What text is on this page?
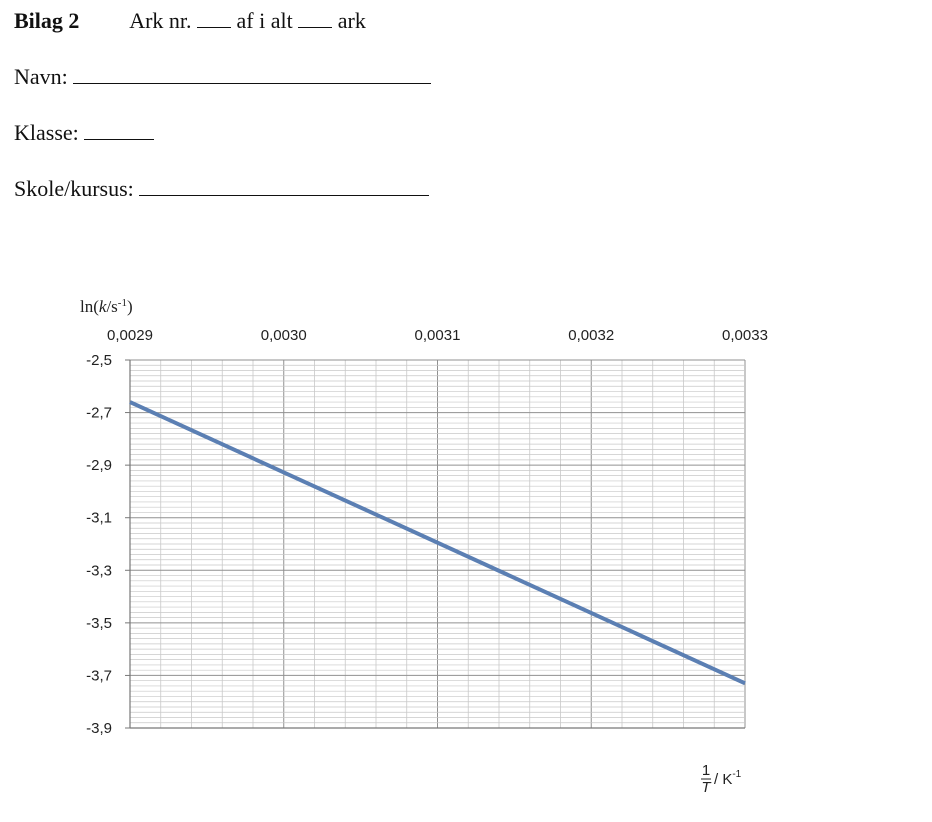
Bilag 2 Ark nr. af i alt ark
Navn:
Klasse:
Skole/kursus:
-2,5
-2,7
-2,9
-3,1
-3,3
-3,5
-3,7
-3,9
0,0029	0,0030	0,0031	0,0032	0,0033
$\ln(k/s^{-1})$
1
T / $K^{-1}$
